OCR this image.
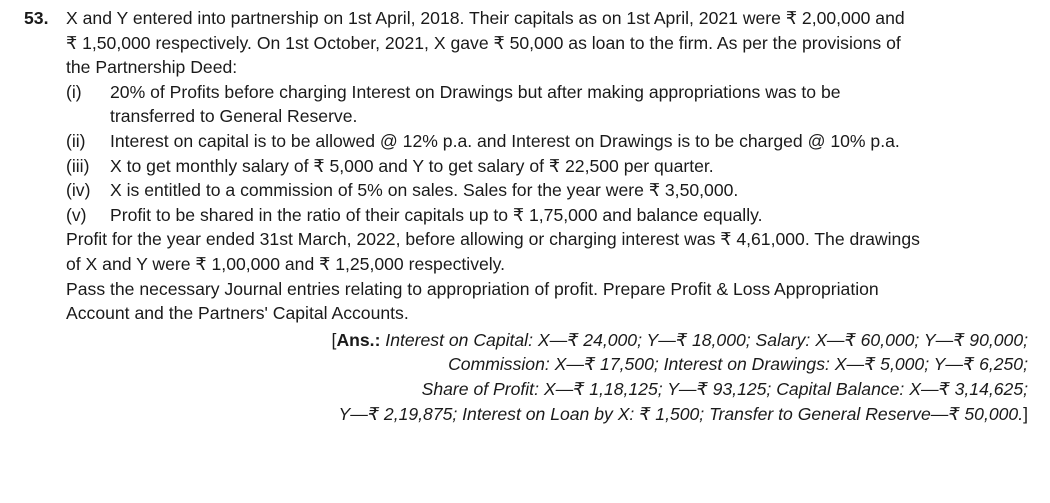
53. X and Y entered into partnership on 1st April, 2018. Their capitals as on 1st April, 2021 were ₹ 2,00,000 and
₹ 1,50,000 respectively. On 1st October, 2021, X gave ₹ 50,000 as loan to the firm. As per the provisions of
the Partnership Deed:
(i)	20% of Profits before charging Interest on Drawings but after making appropriations was to be
transferred to General Reserve.
(ii)	Interest on capital is to be allowed @ 12% p.a. and Interest on Drawings is to be charged @ 10% p.a.
(iii)	X to get monthly salary of ₹ 5,000 and Y to get salary of ₹ 22,500 per quarter.
(iv)	X is entitled to a commission of 5% on sales. Sales for the year were ₹ 3,50,000.
(v)	Profit to be shared in the ratio of their capitals up to ₹ 1,75,000 and balance equally.
Profit for the year ended 31st March, 2022, before allowing or charging interest was ₹ 4,61,000. The drawings
of X and Y were ₹ 1,00,000 and ₹ 1,25,000 respectively.
Pass the necessary Journal entries relating to appropriation of profit. Prepare Profit & Loss Appropriation
Account and the Partners' Capital Accounts.
[Ans.: Interest on Capital: X—₹ 24,000; Y—₹ 18,000; Salary: X—₹ 60,000; Y—₹ 90,000;
Commission: X—₹ 17,500; Interest on Drawings: X—₹ 5,000; Y—₹ 6,250;
Share of Profit: X—₹ 1,18,125; Y—₹ 93,125; Capital Balance: X—₹ 3,14,625;
Y—₹ 2,19,875; Interest on Loan by X: ₹ 1,500; Transfer to General Reserve—₹ 50,000.]
